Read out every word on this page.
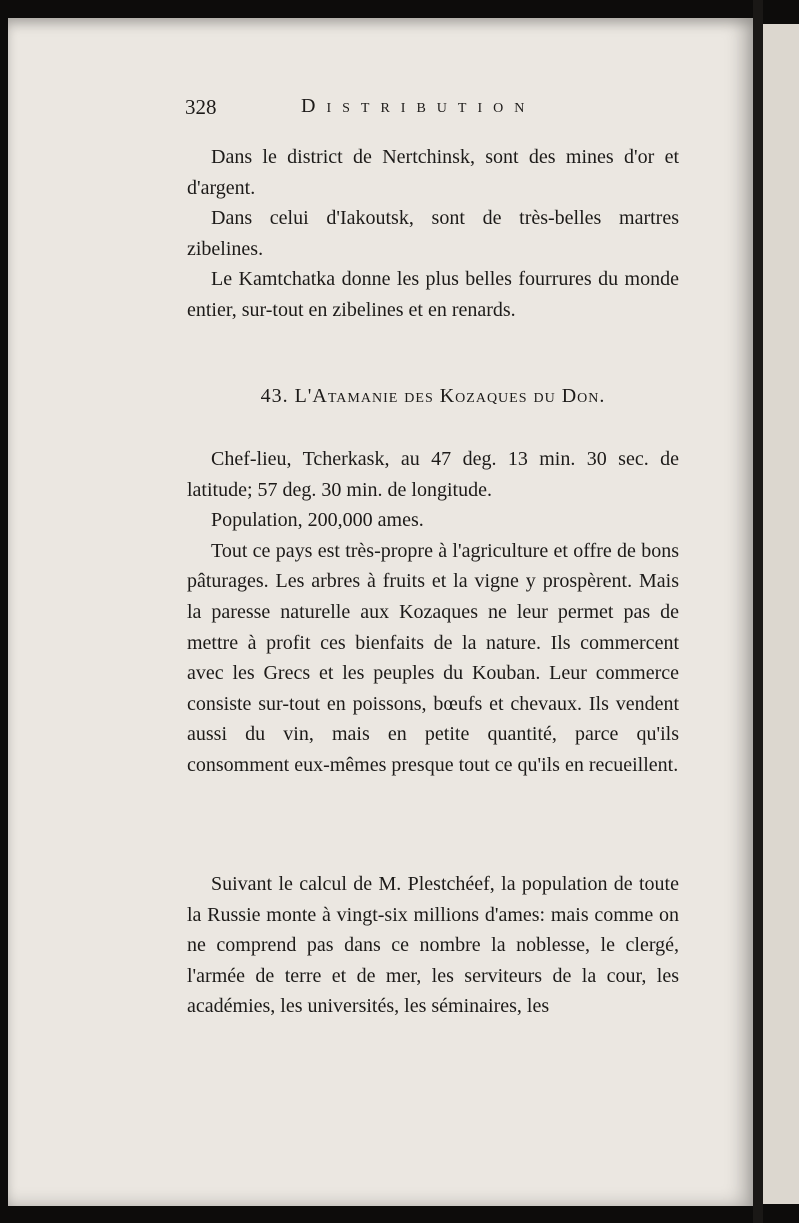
328	Distribution

Dans le district de Nertchinsk, sont des mines d'or et d'argent.

Dans celui d'Iakoutsk, sont de très-belles martres zibelines.

Le Kamtchatka donne les plus belles fourrures du monde entier, sur-tout en zibelines et en renards.

43. L'Atamanie des Kozaques du Don.

Chef-lieu, Tcherkask, au 47 deg. 13 min. 30 sec. de latitude; 57 deg. 30 min. de longitude.

Population, 200,000 ames.

Tout ce pays est très-propre à l'agriculture et offre de bons pâturages. Les arbres à fruits et la vigne y prospèrent. Mais la paresse naturelle aux Kozaques ne leur permet pas de mettre à profit ces bienfaits de la nature. Ils commercent avec les Grecs et les peuples du Kouban. Leur commerce consiste sur-tout en poissons, bœufs et chevaux. Ils vendent aussi du vin, mais en petite quantité, parce qu'ils consomment eux-mêmes presque tout ce qu'ils en recueillent.

Suivant le calcul de M. Plestchéef, la population de toute la Russie monte à vingt-six millions d'ames: mais comme on ne comprend pas dans ce nombre la noblesse, le clergé, l'armée de terre et de mer, les serviteurs de la cour, les académies, les universités, les séminaires, les
